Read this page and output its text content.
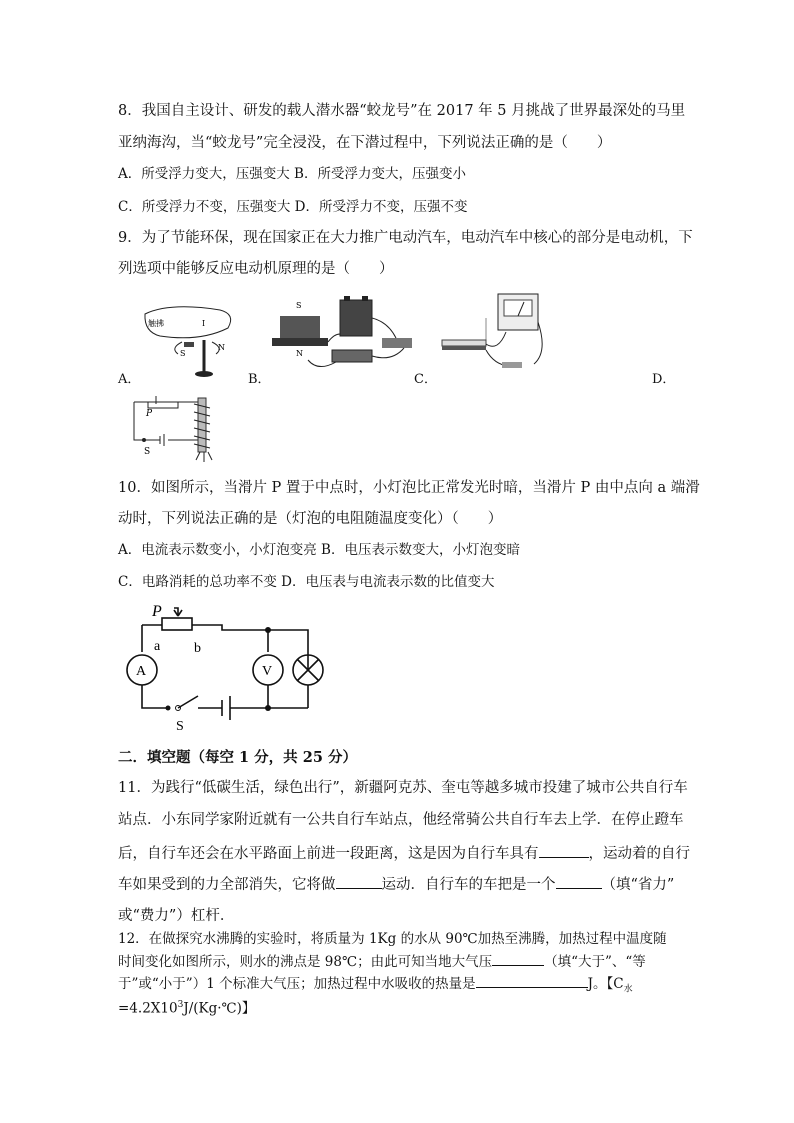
8．我国自主设计、研发的载人潜水器“蛟龙号”在 2017 年 5 月挑战了世界最深处的马里
亚纳海沟，当“蛟龙号”完全浸没，在下潜过程中，下列说法正确的是（　　）
A．所受浮力变大，压强变大 B．所受浮力变大，压强变小
C．所受浮力不变，压强变大 D．所受浮力不变，压强不变
9．为了节能环保，现在国家正在大力推广电动汽车，电动汽车中核心的部分是电动机，下
列选项中能够反应电动机原理的是（　　）
触拂	I
S
N
A．
S
N
B．	C．	D．
P
S
10．如图所示，当滑片 P 置于中点时，小灯泡比正常发光时暗，当滑片 P 由中点向 a 端滑
动时，下列说法正确的是（灯泡的电阻随温度变化）（　　）
A．电流表示数变小，小灯泡变亮 B．电压表示数变大，小灯泡变暗
C．电路消耗的总功率不变 D．电压表与电流表示数的比值变大
P
a b
A	V
S
二．填空题（每空 1 分，共 25 分）
11．为践行“低碳生活，绿色出行”，新疆阿克苏、奎屯等越多城市投建了城市公共自行车
站点．小东同学家附近就有一公共自行车站点，他经常骑公共自行车去上学．在停止蹬车
后，自行车还会在水平路面上前进一段距离，这是因为自行车具有	，运动着的自行
车如果受到的力全部消失，它将做	运动．自行车的车把是一个	（填“省力”
或“费力”）杠杆．
12．在做探究水沸腾的实验时，将质量为 1Kg 的水从 90℃加热至沸腾，加热过程中温度随
时间变化如图所示，则水的沸点是 98℃；由此可知当地大气压	（填“大于”、“等
于”或“小于”）1 个标准大气压；加热过程中水吸收的热量是	J。【$C_水$
$=4.2X10^3J/(Kg\cdot℃)$】
